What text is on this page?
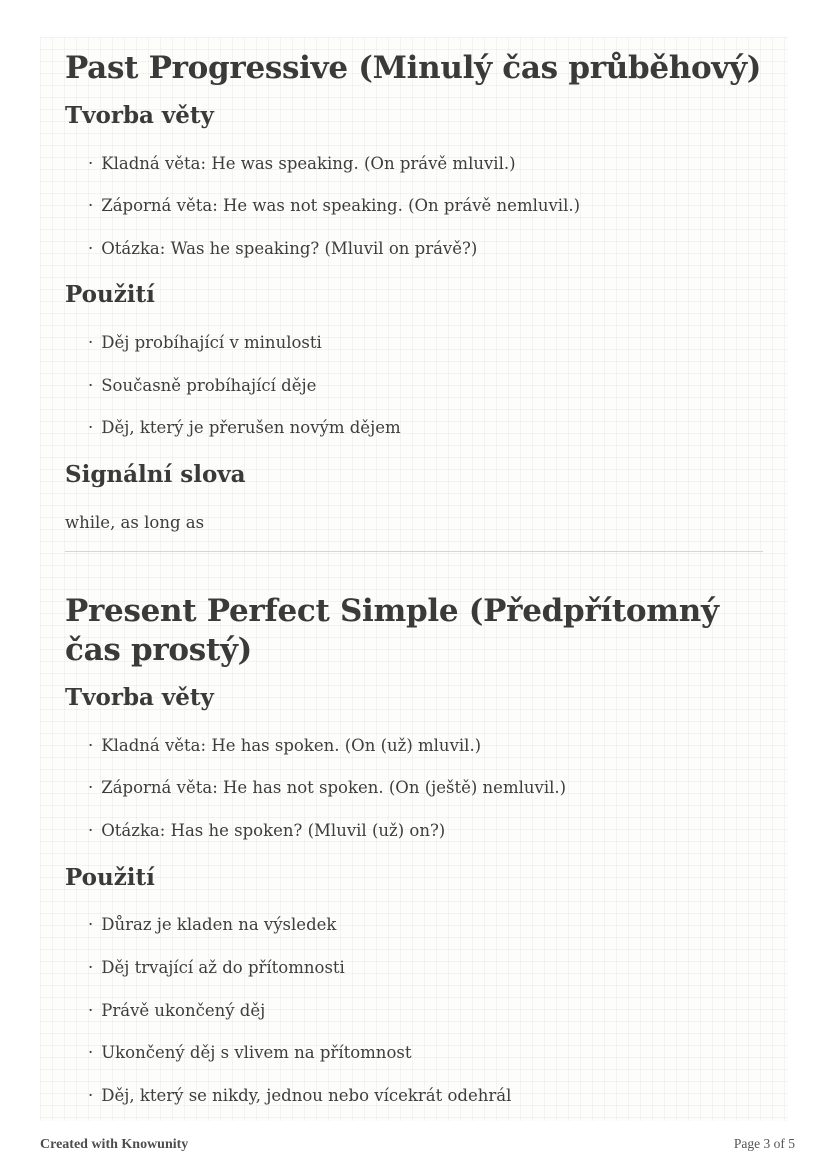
Past Progressive (Minulý čas průběhový)
Tvorba věty
· Kladná věta: He was speaking. (On právě mluvil.)
· Záporná věta: He was not speaking. (On právě nemluvil.)
· Otázka: Was he speaking? (Mluvil on právě?)
Použití
· Děj probíhající v minulosti
· Současně probíhající děje
· Děj, který je přerušen novým dějem
Signální slova

while, as long as

Present Perfect Simple (Předpřítomný čas prostý)
Tvorba věty
· Kladná věta: He has spoken. (On (už) mluvil.)
· Záporná věta: He has not spoken. (On (ještě) nemluvil.)
· Otázka: Has he spoken? (Mluvil (už) on?)
Použití
· Důraz je kladen na výsledek
· Děj trvající až do přítomnosti
· Právě ukončený děj
· Ukončený děj s vlivem na přítomnost
· Děj, který se nikdy, jednou nebo vícekrát odehrál
Created with Knowunity	Page 3 of 5
